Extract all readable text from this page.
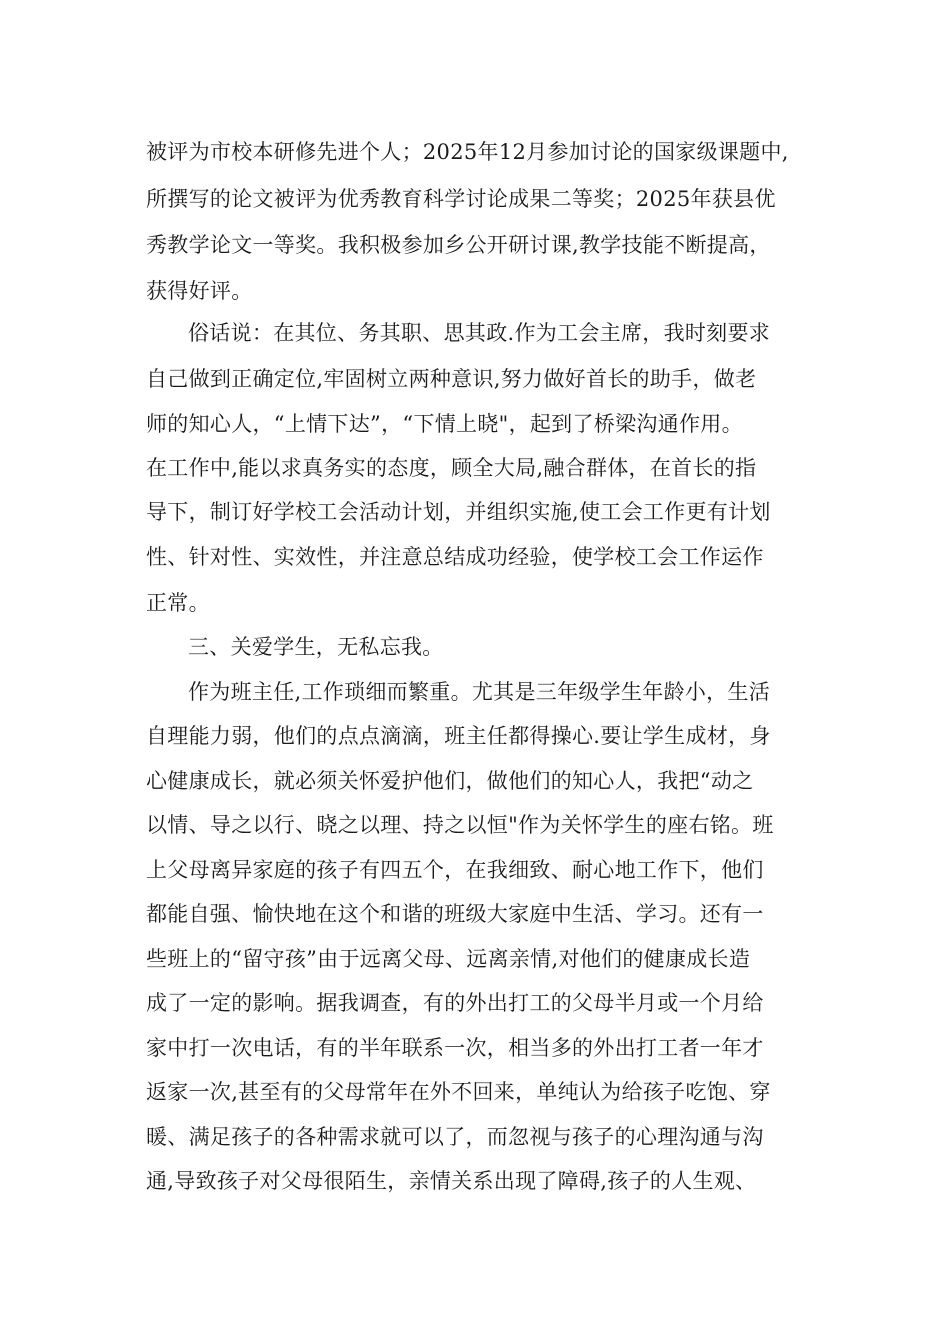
被评为市校本研修先进个人；2025年12月参加讨论的国家级课题中,
所撰写的论文被评为优秀教育科学讨论成果二等奖；2025年获县优
秀教学论文一等奖。我积极参加乡公开研讨课,教学技能不断提高，
获得好评。
俗话说：在其位、务其职、思其政.作为工会主席，我时刻要求
自己做到正确定位,牢固树立两种意识,努力做好首长的助手，做老
师的知心人，“上情下达”，“下情上晓"，起到了桥梁沟通作用。
在工作中,能以求真务实的态度，顾全大局,融合群体，在首长的指
导下，制订好学校工会活动计划，并组织实施,使工会工作更有计划
性、针对性、实效性，并注意总结成功经验，使学校工会工作运作
正常。
三、关爱学生，无私忘我。
作为班主任,工作琐细而繁重。尤其是三年级学生年龄小，生活
自理能力弱，他们的点点滴滴，班主任都得操心.要让学生成材，身
心健康成长，就必须关怀爱护他们，做他们的知心人，我把“动之
以情、导之以行、晓之以理、持之以恒"作为关怀学生的座右铭。班
上父母离异家庭的孩子有四五个，在我细致、耐心地工作下，他们
都能自强、愉快地在这个和谐的班级大家庭中生活、学习。还有一
些班上的“留守孩”由于远离父母、远离亲情,对他们的健康成长造
成了一定的影响。据我调查，有的外出打工的父母半月或一个月给
家中打一次电话，有的半年联系一次，相当多的外出打工者一年才
返家一次,甚至有的父母常年在外不回来，单纯认为给孩子吃饱、穿
暖、满足孩子的各种需求就可以了，而忽视与孩子的心理沟通与沟
通,导致孩子对父母很陌生，亲情关系出现了障碍,孩子的人生观、
